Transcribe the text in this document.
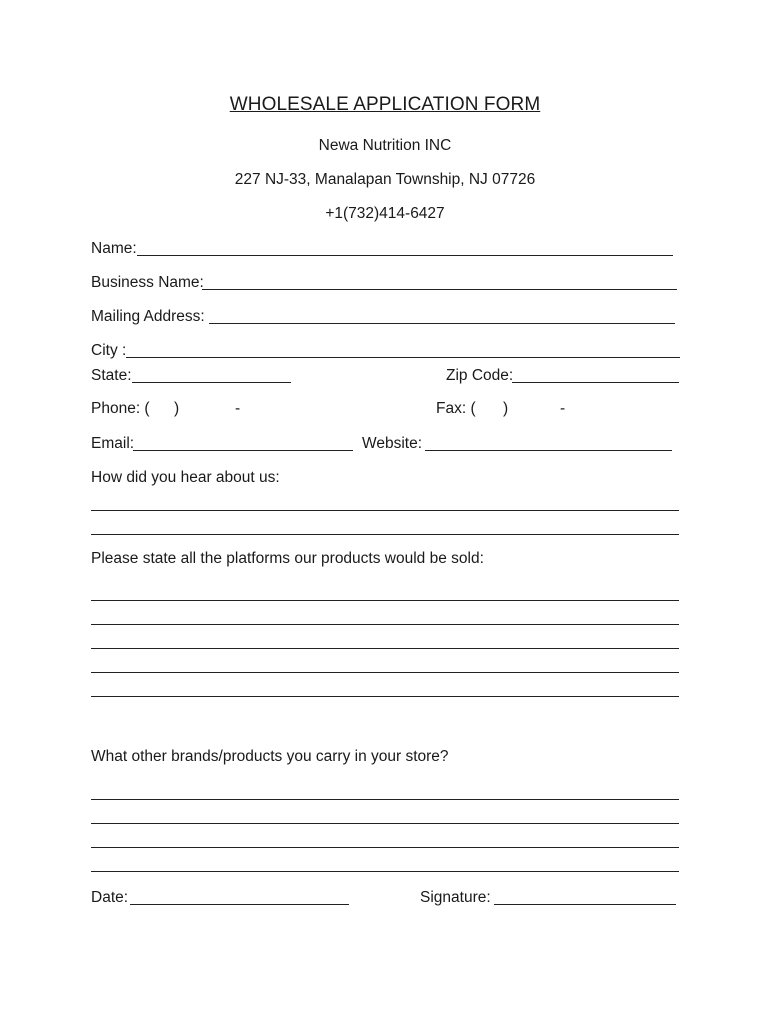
WHOLESALE APPLICATION FORM
Newa Nutrition INC
227 NJ-33, Manalapan Township, NJ 07726
+1(732)414-6427
Name:
Business Name:
Mailing Address:
City :
State:	Zip Code:
Phone: ( )	-	Fax: ( )	-
Email:	Website:
How did you hear about us:
Please state all the platforms our products would be sold:
What other brands/products you carry in your store?
Date:	Signature:
